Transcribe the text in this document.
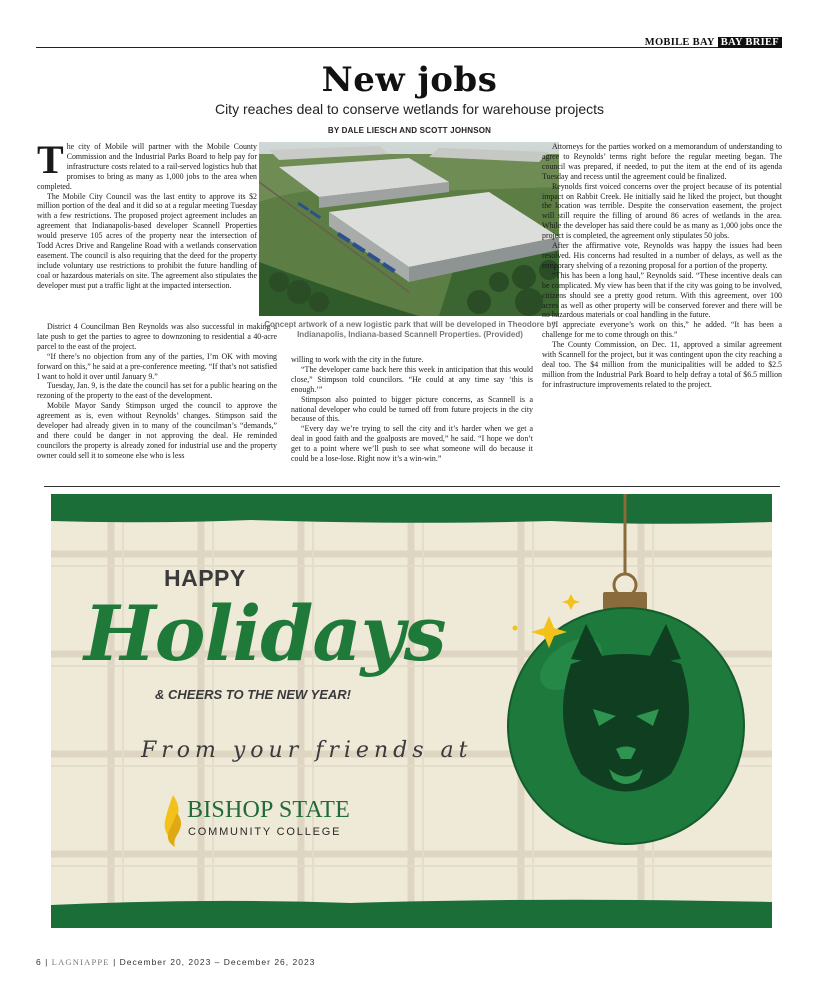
MOBILE BAY BAY BRIEF
New jobs
City reaches deal to conserve wetlands for warehouse projects
BY DALE LIESCH AND SCOTT JOHNSON

The city of Mobile will partner with the Mobile County Commission and the Industrial Parks Board to help pay for infrastructure costs related to a rail-served logistics hub that promises to bring as many as 1,000 jobs to the area when completed.

The Mobile City Council was the last entity to approve its $2 million portion of the deal and it did so at a regular meeting Tuesday with a few restrictions. The proposed project agreement includes an agreement that Indianapolis-based developer Scannell Properties would preserve 105 acres of the property near the intersection of Todd Acres Drive and Rangeline Road with a wetlands conservation easement. The council is also requiring that the deed for the property include voluntary use restrictions to prohibit the future handling of coal or hazardous materials on site. The agreement also stipulates the developer must put a traffic light at the impacted intersection.

District 4 Councilman Ben Reynolds was also successful in making a late push to get the parties to agree to downzoning to residential a 40-acre parcel to the east of the project.

“If there’s no objection from any of the parties, I’m OK with moving forward on this,” he said at a pre-conference meeting. “If that’s not satisfied I want to hold it over until January 9.”

Tuesday, Jan. 9, is the date the council has set for a public hearing on the rezoning of the property to the east of the development.

Mobile Mayor Sandy Stimpson urged the council to approve the agreement as is, even without Reynolds’ changes. Stimpson said the developer had already given in to many of the councilman’s “demands,” and there could be danger in not approving the deal. He reminded councilors the property is already zoned for industrial use and the property owner could sell it to someone else who is less

Concept artwork of a new logistic park that will be developed in Theodore by Indianapolis, Indiana-based Scannell Properties. (Provided)

willing to work with the city in the future.

“The developer came back here this week in anticipation that this would close,” Stimpson told councilors. “He could at any time say ‘this is enough.’”

Stimpson also pointed to bigger picture concerns, as Scannell is a national developer who could be turned off from future projects in the city because of this.

“Every day we’re trying to sell the city and it’s harder when we get a deal in good faith and the goalposts are moved,” he said. “I hope we don’t get to a point where we’ll push to see what someone will do because it could be a lose-lose. Right now it’s a win-win.”

Attorneys for the parties worked on a memorandum of understanding to agree to Reynolds’ terms right before the regular meeting began. The council was prepared, if needed, to put the item at the end of its agenda Tuesday and recess until the agreement could be finalized.

Reynolds first voiced concerns over the project because of its potential impact on Rabbit Creek. He initially said he liked the project, but thought the location was terrible. Despite the conservation easement, the project will still require the filling of around 86 acres of wetlands in the area. While the developer has said there could be as many as 1,000 jobs once the project is completed, the agreement only stipulates 50 jobs.

After the affirmative vote, Reynolds was happy the issues had been resolved. His concerns had resulted in a number of delays, as well as the temporary shelving of a rezoning proposal for a portion of the property.

“This has been a long haul,” Reynolds said. “These incentive deals can be complicated. My view has been that if the city was going to be involved, citizens should see a pretty good return. With this agreement, over 100 acres as well as other property will be conserved forever and there will be no hazardous materials or coal handling in the future.

“I appreciate everyone’s work on this,” he added. “It has been a challenge for me to come through on this.”

The County Commission, on Dec. 11, approved a similar agreement with Scannell for the project, but it was contingent upon the city reaching a deal too. The $4 million from the municipalities will be added to $2.5 million from the Industrial Park Board to help defray a total of $6.5 million for infrastructure improvements related to the project.

HAPPY
Holidays
& CHEERS TO THE NEW YEAR!
From your friends at
BISHOP STATE
COMMUNITY COLLEGE
6 | LAGNIAPPE | December 20, 2023 – December 26, 2023
